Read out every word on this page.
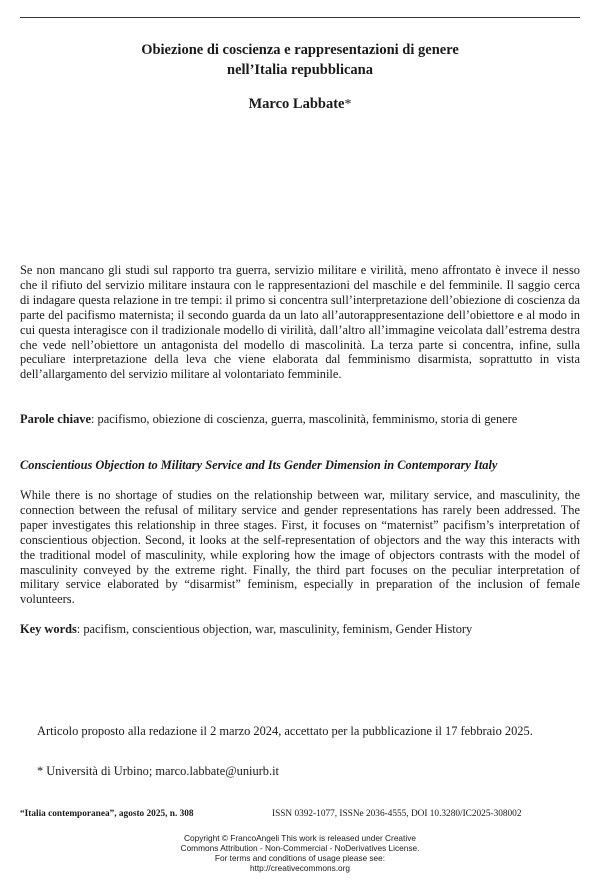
Obiezione di coscienza e rappresentazioni di genere
nell’Italia repubblicana
Marco Labbate*
Se non mancano gli studi sul rapporto tra guerra, servizio militare e virilità, meno affrontato è invece il nesso che il rifiuto del servizio militare instaura con le rappresentazioni del maschile e del femminile. Il saggio cerca di indagare questa relazione in tre tempi: il primo si concentra sull’interpretazione dell’obiezione di coscienza da parte del pacifismo maternista; il secondo guarda da un lato all’autorappresentazione dell’obiettore e al modo in cui questa interagisce con il tradizionale modello di virilità, dall’altro all’immagine veicolata dall’estrema destra che vede nell’obiettore un antagonista del modello di mascolinità. La terza parte si concentra, infine, sulla peculiare interpretazione della leva che viene elaborata dal femminismo disarmista, soprattutto in vista dell’allargamento del servizio militare al volontariato femminile.
Parole chiave: pacifismo, obiezione di coscienza, guerra, mascolinità, femminismo, storia di genere
Conscientious Objection to Military Service and Its Gender Dimension in Contemporary Italy
While there is no shortage of studies on the relationship between war, military service, and masculinity, the connection between the refusal of military service and gender representations has rarely been addressed. The paper investigates this relationship in three stages. First, it focuses on “maternist” pacifism’s interpretation of conscientious objection. Second, it looks at the self-representation of objectors and the way this interacts with the traditional model of masculinity, while exploring how the image of objectors contrasts with the model of masculinity conveyed by the extreme right. Finally, the third part focuses on the peculiar interpretation of military service elaborated by “disarmist” feminism, especially in preparation of the inclusion of female volunteers.
Key words: pacifism, conscientious objection, war, masculinity, feminism, Gender History
Articolo proposto alla redazione il 2 marzo 2024, accettato per la pubblicazione il 17 febbraio 2025.
* Università di Urbino; marco.labbate@uniurb.it
“Italia contemporanea”, agosto 2025, n. 308	ISSN 0392-1077, ISSNe 2036-4555, DOI 10.3280/IC2025-308002
Copyright © FrancoAngeli This work is released under Creative
Commons Attribution - Non-Commercial - NoDerivatives License.
For terms and conditions of usage please see:
http://creativecommons.org
